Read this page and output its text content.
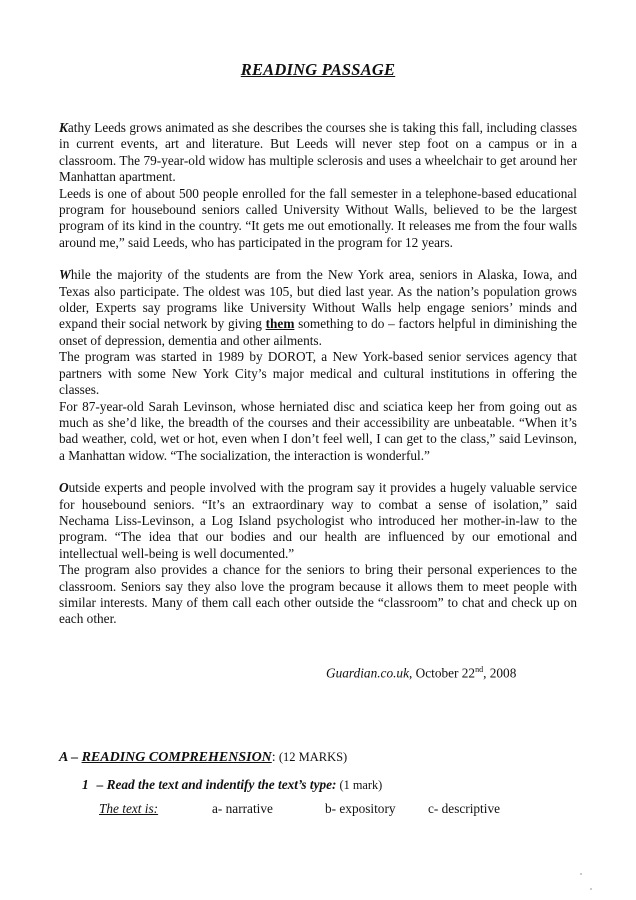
READING PASSAGE

Kathy Leeds grows animated as she describes the courses she is taking this fall, including classes in current events, art and literature. But Leeds will never step foot on a campus or in a classroom. The 79-year-old widow has multiple sclerosis and uses a wheelchair to get around her Manhattan apartment.

Leeds is one of about 500 people enrolled for the fall semester in a telephone-based educational program for housebound seniors called University Without Walls, believed to be the largest program of its kind in the country. “It gets me out emotionally. It releases me from the four walls around me,” said Leeds, who has participated in the program for 12 years.

While the majority of the students are from the New York area, seniors in Alaska, Iowa, and Texas also participate. The oldest was 105, but died last year. As the nation’s population grows older, Experts say programs like University Without Walls help engage seniors’ minds and expand their social network by giving them something to do – factors helpful in diminishing the onset of depression, dementia and other ailments.

The program was started in 1989 by DOROT, a New York-based senior services agency that partners with some New York City’s major medical and cultural institutions in offering the classes.

For 87-year-old Sarah Levinson, whose herniated disc and sciatica keep her from going out as much as she’d like, the breadth of the courses and their accessibility are unbeatable. “When it’s bad weather, cold, wet or hot, even when I don’t feel well, I can get to the class,” said Levinson, a Manhattan widow. “The socialization, the interaction is wonderful.”

Outside experts and people involved with the program say it provides a hugely valuable service for housebound seniors. “It’s an extraordinary way to combat a sense of isolation,” said Nechama Liss-Levinson, a Log Island psychologist who introduced her mother-in-law to the program. “The idea that our bodies and our health are influenced by our emotional and intellectual well-being is well documented.”

The program also provides a chance for the seniors to bring their personal experiences to the classroom. Seniors say they also love the program because it allows them to meet people with similar interests. Many of them call each other outside the “classroom” to chat and check up on each other.

Guardian.co.uk, October 22nd, 2008
A – READING COMPREHENSION: (12 MARKS)
1 – Read the text and indentify the text’s type: (1 mark)
The text is:	a- narrative	b- expository c- descriptive
